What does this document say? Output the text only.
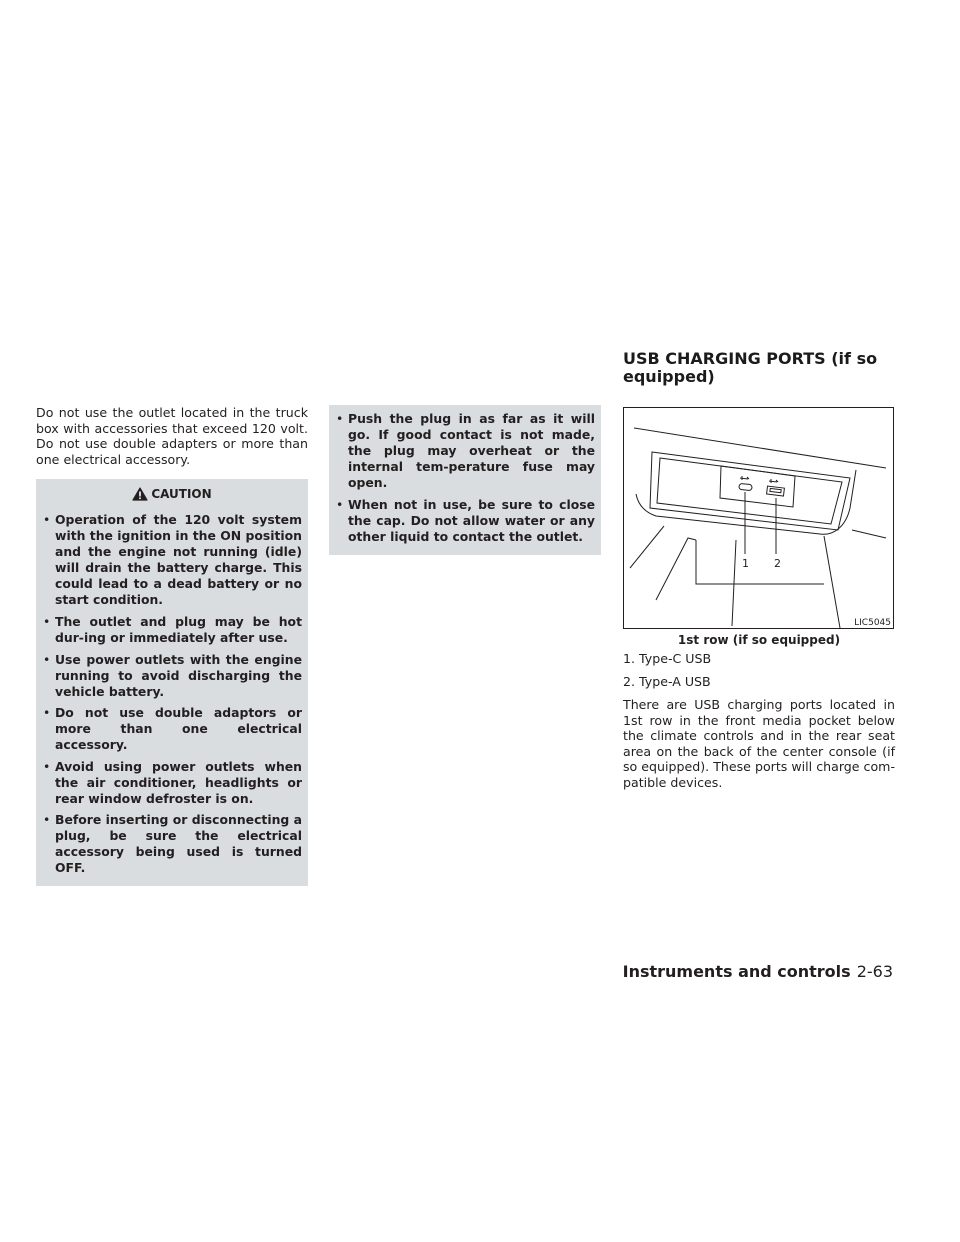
Do not use the outlet located in the truck box with accessories that exceed 120 volt. Do not use double adapters or more than one electrical accessory.

CAUTION
• Operation of the 120 volt system with the ignition in the ON position and the engine not running (idle) will drain the battery charge. This could lead to a dead battery or no start condition.
• The outlet and plug may be hot dur-ing or immediately after use.
• Use power outlets with the engine running to avoid discharging the vehicle battery.
• Do not use double adaptors or more than one electrical accessory.
• Avoid using power outlets when the air conditioner, headlights or rear window defroster is on.
• Before inserting or disconnecting a plug, be sure the electrical accessory being used is turned OFF.
• Push the plug in as far as it will go. If good contact is not made, the plug may overheat or the internal tem-perature fuse may open.
• When not in use, be sure to close the cap. Do not allow water or any other liquid to contact the outlet.
USB CHARGING PORTS (if so equipped)
1 2
LIC5045

1st row (if so equipped)

1. Type-C USB

2. Type-A USB

There are USB charging ports located in 1st row in the front media pocket below the climate controls and in the rear seat area on the back of the center console (if so equipped). These ports will charge com-patible devices.

Instruments and controls 2-63
